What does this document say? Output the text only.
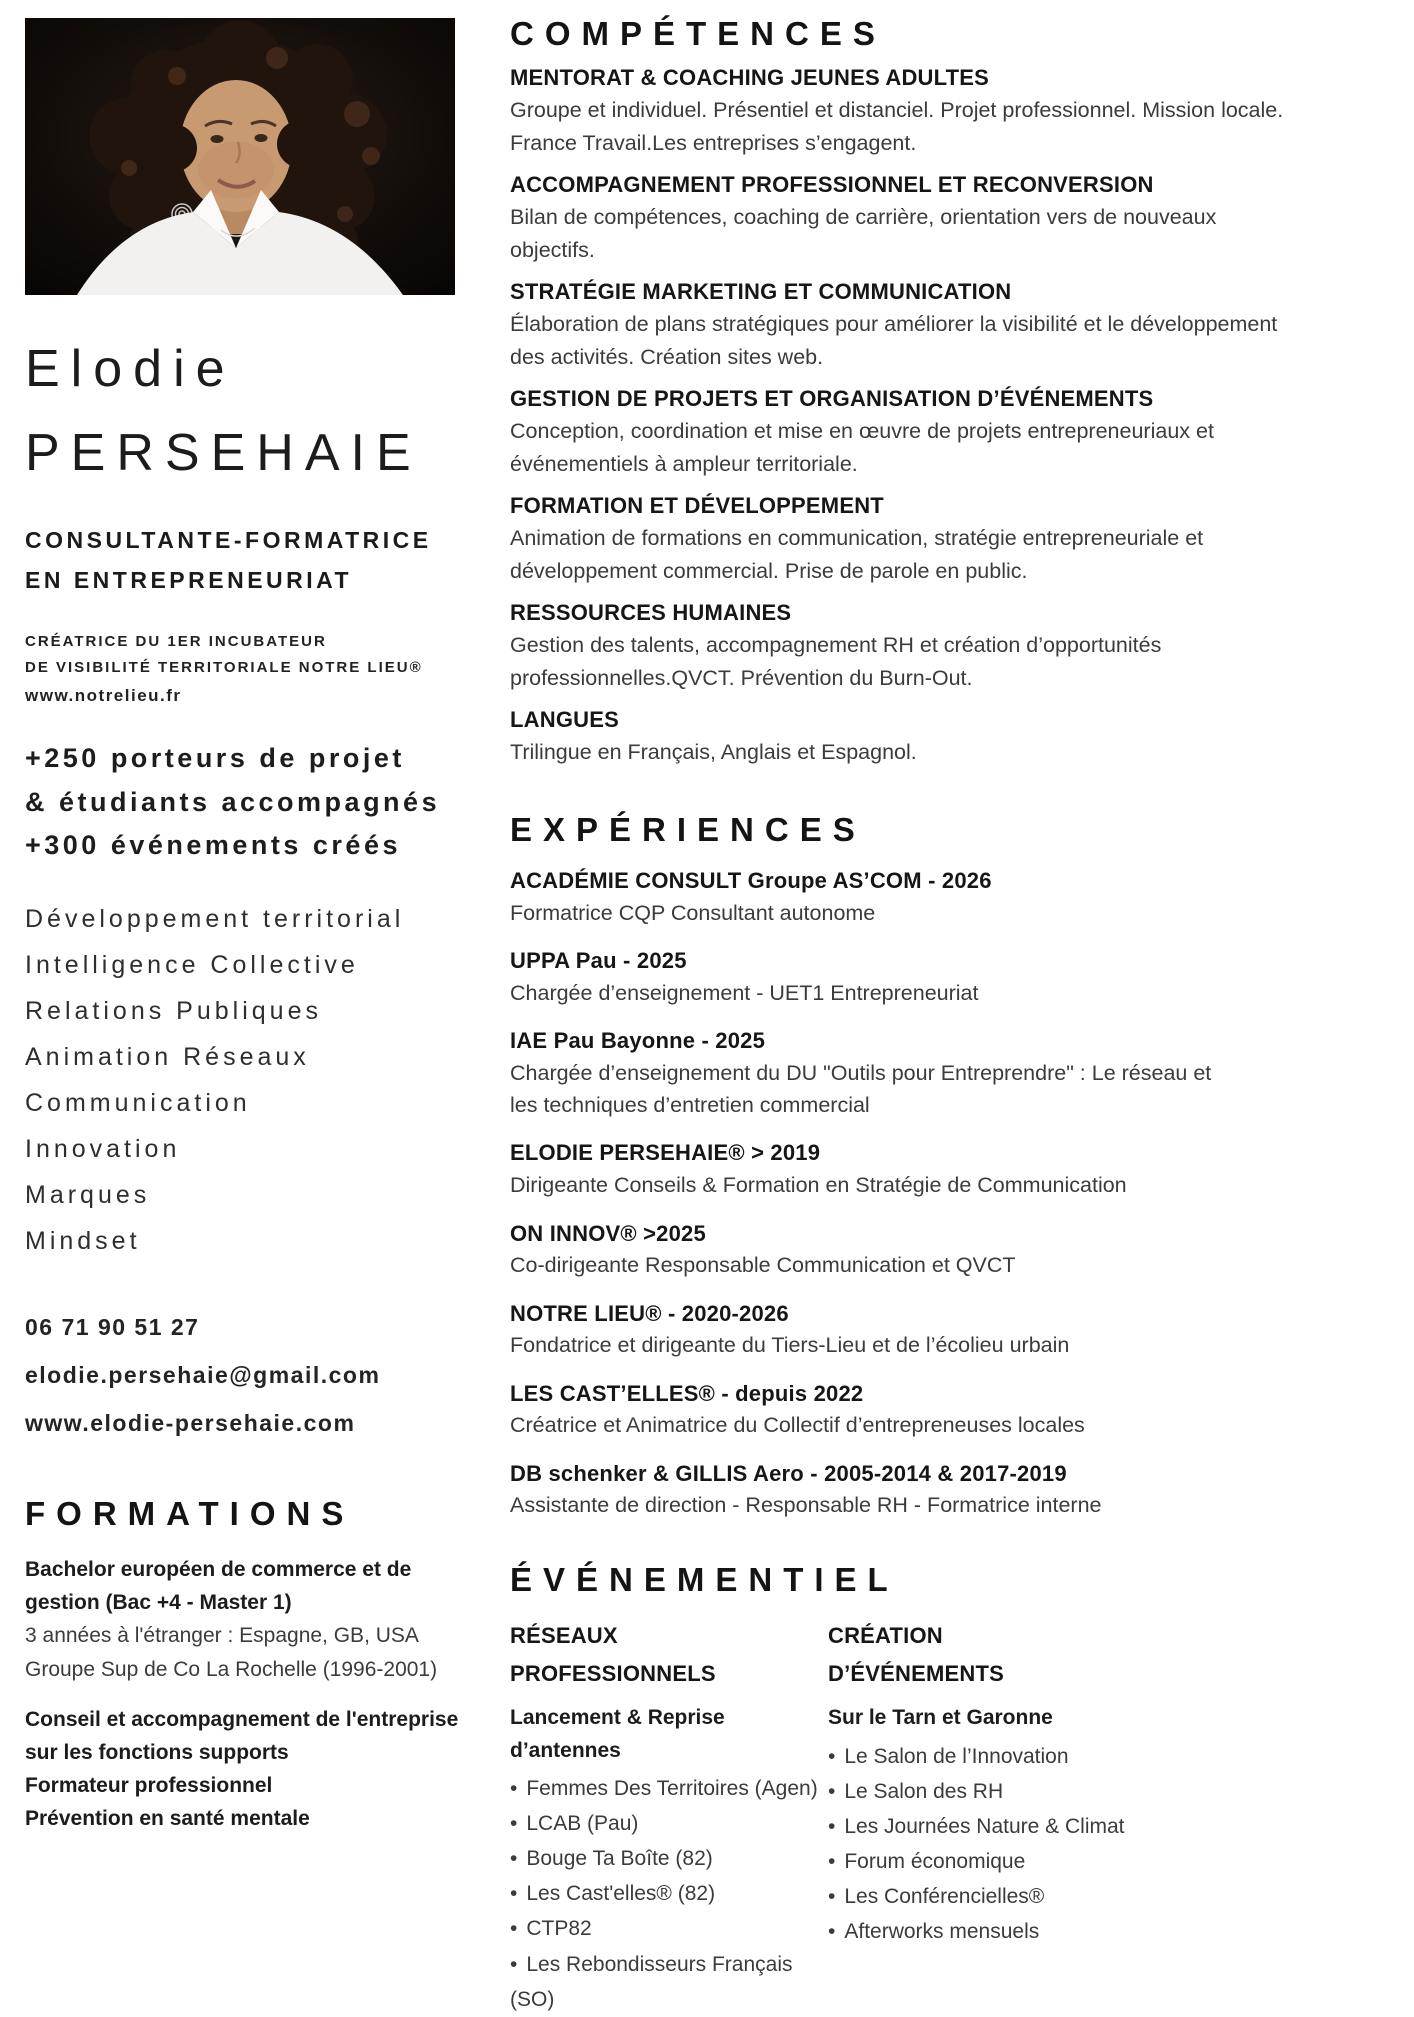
Elodie
PERSEHAIE
CONSULTANTE-FORMATRICE
EN ENTREPRENEURIAT
CRÉATRICE DU 1ER INCUBATEUR
DE VISIBILITÉ TERRITORIALE NOTRE LIEU®
www.notrelieu.fr
+250 porteurs de projet
& étudiants accompagnés
+300 événements créés
Développement territorial
Intelligence Collective
Relations Publiques
Animation Réseaux
Communication
Innovation
Marques
Mindset
06 71 90 51 27
elodie.persehaie@gmail.com
www.elodie-persehaie.com
FORMATIONS
Bachelor européen de commerce et de gestion (Bac +4 - Master 1)
3 années à l'étranger : Espagne, GB, USA
Groupe Sup de Co La Rochelle (1996-2001)
Conseil et accompagnement de l'entreprise sur les fonctions supports
Formateur professionnel
Prévention en santé mentale
COMPÉTENCES
MENTORAT & COACHING JEUNES ADULTES
Groupe et individuel. Présentiel et distanciel. Projet professionnel. Mission locale. France Travail.Les entreprises s’engagent.
ACCOMPAGNEMENT PROFESSIONNEL ET RECONVERSION
Bilan de compétences, coaching de carrière, orientation vers de nouveaux objectifs.
STRATÉGIE MARKETING ET COMMUNICATION
Élaboration de plans stratégiques pour améliorer la visibilité et le développement des activités. Création sites web.
GESTION DE PROJETS ET ORGANISATION D’ÉVÉNEMENTS
Conception, coordination et mise en œuvre de projets entrepreneuriaux et événementiels à ampleur territoriale.
FORMATION ET DÉVELOPPEMENT
Animation de formations en communication, stratégie entrepreneuriale et développement commercial. Prise de parole en public.
RESSOURCES HUMAINES
Gestion des talents, accompagnement RH et création d’opportunités professionnelles.QVCT. Prévention du Burn-Out.
LANGUES
Trilingue en Français, Anglais et Espagnol.
EXPÉRIENCES
ACADÉMIE CONSULT Groupe AS’COM - 2026
Formatrice CQP Consultant autonome
UPPA Pau - 2025
Chargée d’enseignement - UET1 Entrepreneuriat
IAE Pau Bayonne - 2025
Chargée d’enseignement du DU "Outils pour Entreprendre" : Le réseau et les techniques d’entretien commercial
ELODIE PERSEHAIE® > 2019
Dirigeante Conseils & Formation en Stratégie de Communication
ON INNOV® >2025
Co-dirigeante Responsable Communication et QVCT
NOTRE LIEU® - 2020-2026
Fondatrice et dirigeante du Tiers-Lieu et de l’écolieu urbain
LES CAST’ELLES® - depuis 2022
Créatrice et Animatrice du Collectif d’entrepreneuses locales
DB schenker & GILLIS Aero - 2005-2014 & 2017-2019
Assistante de direction - Responsable RH - Formatrice interne
ÉVÉNEMENTIEL
RÉSEAUX
PROFESSIONNELS
Lancement & Reprise d’antennes
• Femmes Des Territoires (Agen)
• LCAB (Pau)
• Bouge Ta Boîte (82)
• Les Cast'elles® (82)
• CTP82
• Les Rebondisseurs Français (SO)
CRÉATION
D’ÉVÉNEMENTS
Sur le Tarn et Garonne
• Le Salon de l’Innovation
• Le Salon des RH
• Les Journées Nature & Climat
• Forum économique
• Les Conférencielles®
• Afterworks mensuels
